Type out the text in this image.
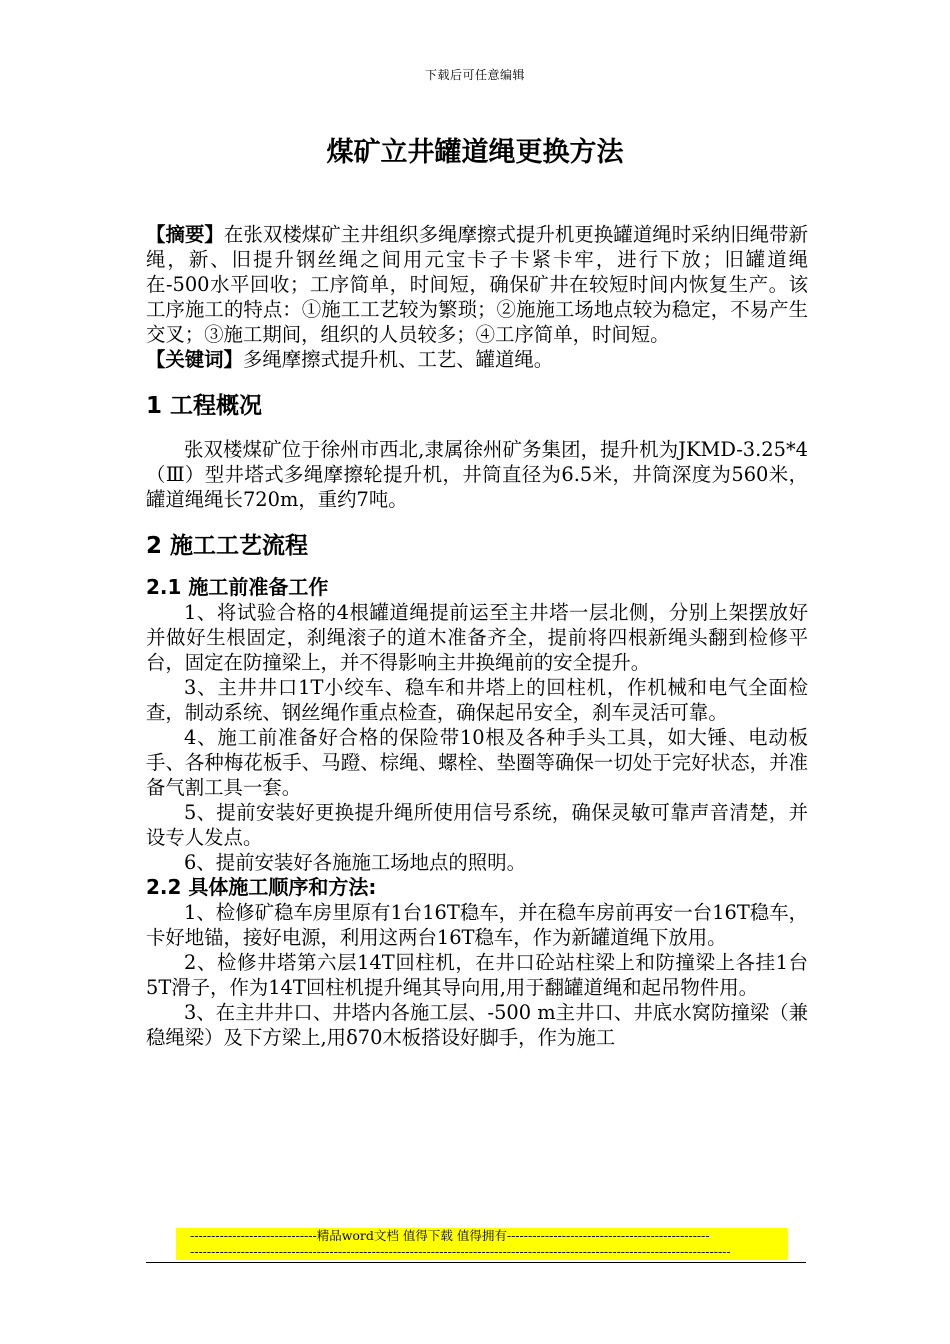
下载后可任意编辑
煤矿立井罐道绳更换方法

【摘要】在张双楼煤矿主井组织多绳摩擦式提升机更换罐道绳时采纳旧绳带新绳，新、旧提升钢丝绳之间用元宝卡子卡紧卡牢，进行下放；旧罐道绳在-500水平回收；工序简单，时间短，确保矿井在较短时间内恢复生产。该工序施工的特点：①施工工艺较为繁琐；②施施工场地点较为稳定，不易产生交叉；③施工期间，组织的人员较多；④工序简单，时间短。

【关键词】多绳摩擦式提升机、工艺、罐道绳。

1 工程概况

张双楼煤矿位于徐州市西北,隶属徐州矿务集团，提升机为JKMD-3.25*4（Ⅲ）型井塔式多绳摩擦轮提升机，井筒直径为6.5米，井筒深度为560米，罐道绳绳长720m，重约7吨。

2 施工工艺流程

2.1 施工前准备工作

1、将试验合格的4根罐道绳提前运至主井塔一层北侧，分别上架摆放好并做好生根固定，刹绳滚子的道木准备齐全，提前将四根新绳头翻到检修平台，固定在防撞梁上，并不得影响主井换绳前的安全提升。

3、主井井口1T小绞车、稳车和井塔上的回柱机，作机械和电气全面检查，制动系统、钢丝绳作重点检查，确保起吊安全，刹车灵活可靠。

4、施工前准备好合格的保险带10根及各种手头工具，如大锤、电动板手、各种梅花板手、马蹬、棕绳、螺栓、垫圈等确保一切处于完好状态，并准备气割工具一套。

5、提前安装好更换提升绳所使用信号系统，确保灵敏可靠声音清楚，并设专人发点。

6、提前安装好各施施工场地点的照明。

2.2 具体施工顺序和方法:

1、检修矿稳车房里原有1台16T稳车，并在稳车房前再安一台16T稳车，卡好地锚，接好电源，利用这两台16T稳车，作为新罐道绳下放用。

2、检修井塔第六层14T回柱机，在井口砼站柱梁上和防撞梁上各挂1台5T滑子，作为14T回柱机提升绳其导向用,用于翻罐道绳和起吊物件用。

3、在主井井口、井塔内各施工层、-500 m主井口、井底水窝防撞梁（兼稳绳梁）及下方梁上,用δ70木板搭设好脚手，作为施工

------------------------------精品word文档 值得下载 值得拥有------------------------------------------------
--------------------------------------------------------------------------------------------------------------------------------
